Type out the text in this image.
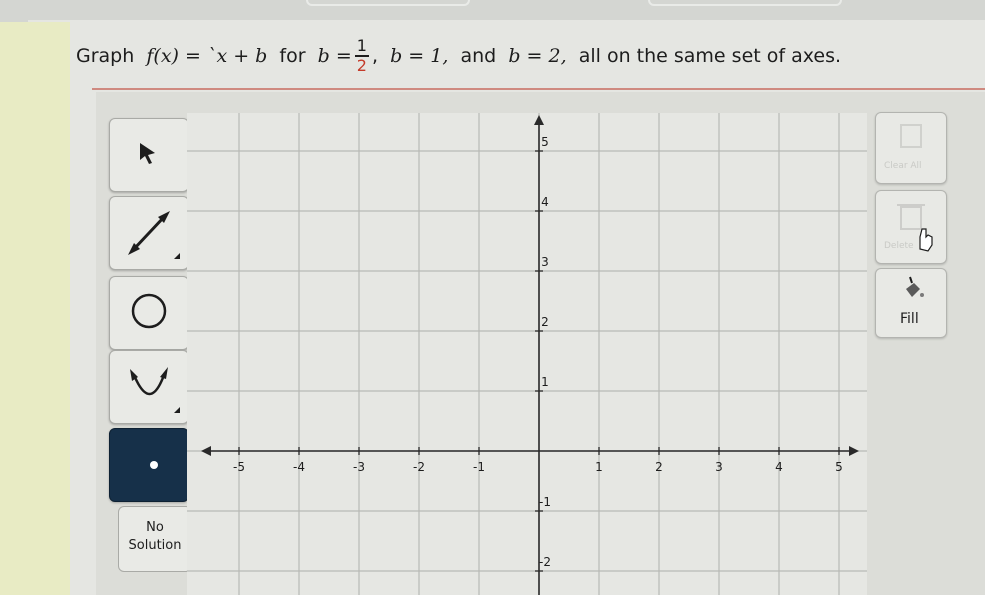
Graph
f(x) = ˋx + b
for
$b = \frac{1}{2}$ ,
b = 1,
and
b = 2,
all on the same set of axes.
No
Solution
Clear All
Delete
Fill
-5	-4	-3	-2	-1	1	2	3	4	5
5
4
3
2
1
-1
-2
